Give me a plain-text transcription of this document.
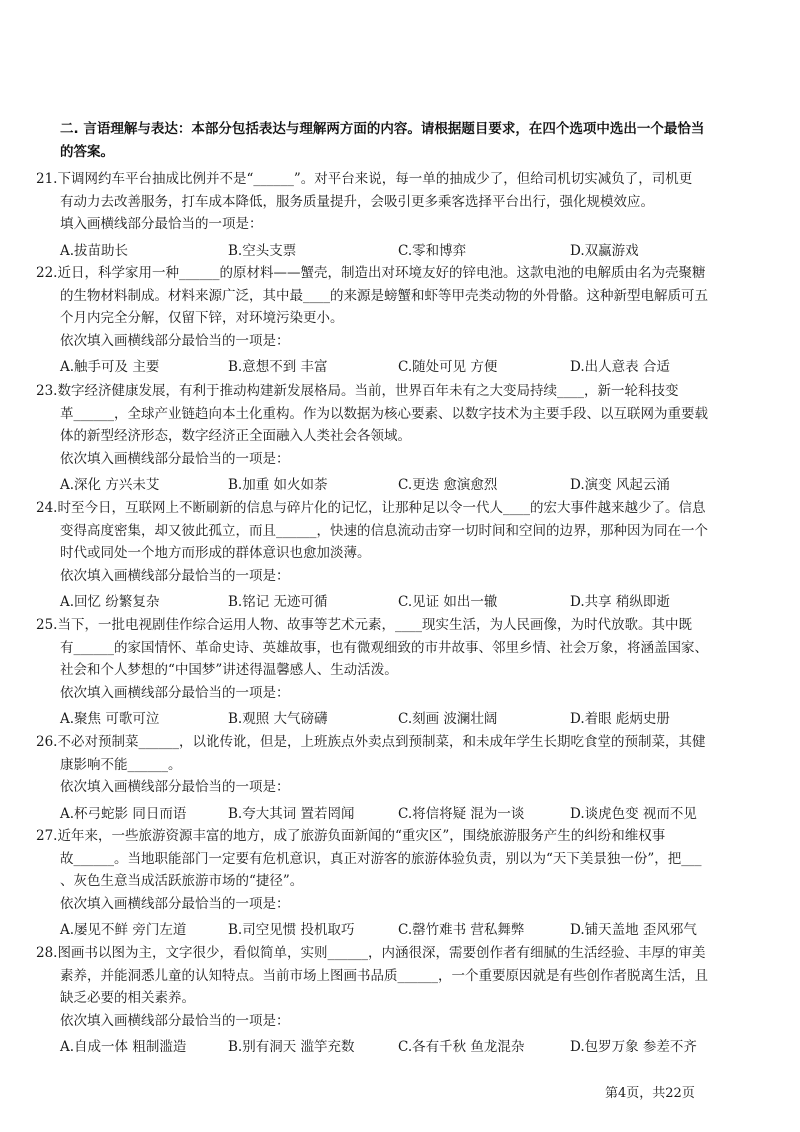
二. 言语理解与表达：本部分包括表达与理解两方面的内容。请根据题目要求，在四个选项中选出一个最恰当
的答案。
21.下调网约车平台抽成比例并不是“______”。对平台来说，每一单的抽成少了，但给司机切实减负了，司机更
有动力去改善服务，打车成本降低，服务质量提升，会吸引更多乘客选择平台出行，强化规模效应。
填入画横线部分最恰当的一项是：
A.拔苗助长	B.空头支票	C.零和博弈	D.双赢游戏
22.近日，科学家用一种______的原材料——蟹壳，制造出对环境友好的锌电池。这款电池的电解质由名为壳聚糖
的生物材料制成。材料来源广泛，其中最____的来源是螃蟹和虾等甲壳类动物的外骨骼。这种新型电解质可五
个月内完全分解，仅留下锌，对环境污染更小。
依次填入画横线部分最恰当的一项是：
A.触手可及 主要	B.意想不到 丰富	C.随处可见 方便	D.出人意表 合适
23.数字经济健康发展，有利于推动构建新发展格局。当前，世界百年未有之大变局持续____，新一轮科技变
革______，全球产业链趋向本土化重构。作为以数据为核心要素、以数字技术为主要手段、以互联网为重要载
体的新型经济形态，数字经济正全面融入人类社会各领域。
依次填入画横线部分最恰当的一项是：
A.深化 方兴未艾	B.加重 如火如荼	C.更迭 愈演愈烈	D.演变 风起云涌
24.时至今日，互联网上不断刷新的信息与碎片化的记忆，让那种足以令一代人____的宏大事件越来越少了。信息
变得高度密集，却又彼此孤立，而且______，快速的信息流动击穿一切时间和空间的边界，那种因为同在一个
时代或同处一个地方而形成的群体意识也愈加淡薄。
依次填入画横线部分最恰当的一项是：
A.回忆 纷繁复杂	B.铭记 无迹可循	C.见证 如出一辙	D.共享 稍纵即逝
25.当下，一批电视剧佳作综合运用人物、故事等艺术元素，____现实生活，为人民画像，为时代放歌。其中既
有______的家国情怀、革命史诗、英雄故事，也有微观细致的市井故事、邻里乡情、社会万象，将涵盖国家、
社会和个人梦想的“中国梦”讲述得温馨感人、生动活泼。
依次填入画横线部分最恰当的一项是：
A.聚焦 可歌可泣	B.观照 大气磅礴	C.刻画 波澜壮阔	D.着眼 彪炳史册
26.不必对预制菜______，以讹传讹，但是，上班族点外卖点到预制菜，和未成年学生长期吃食堂的预制菜，其健
康影响不能______。
依次填入画横线部分最恰当的一项是：
A.杯弓蛇影 同日而语	B.夸大其词 置若罔闻	C.将信将疑 混为一谈	D.谈虎色变 视而不见
27.近年来，一些旅游资源丰富的地方，成了旅游负面新闻的“重灾区”，围绕旅游服务产生的纠纷和维权事
故______。当地职能部门一定要有危机意识，真正对游客的旅游体验负责，别以为“天下美景独一份”，把___
、灰色生意当成活跃旅游市场的“捷径”。
依次填入画横线部分最恰当的一项是：
A.屡见不鲜 旁门左道	B.司空见惯 投机取巧	C.罄竹难书 营私舞弊	D.铺天盖地 歪风邪气
28.图画书以图为主，文字很少，看似简单，实则______，内涵很深，需要创作者有细腻的生活经验、丰厚的审美
素养，并能洞悉儿童的认知特点。当前市场上图画书品质______，一个重要原因就是有些创作者脱离生活，且
缺乏必要的相关素养。
依次填入画横线部分最恰当的一项是：
A.自成一体 粗制滥造	B.别有洞天 滥竽充数	C.各有千秋 鱼龙混杂	D.包罗万象 参差不齐
第4页，共22页
